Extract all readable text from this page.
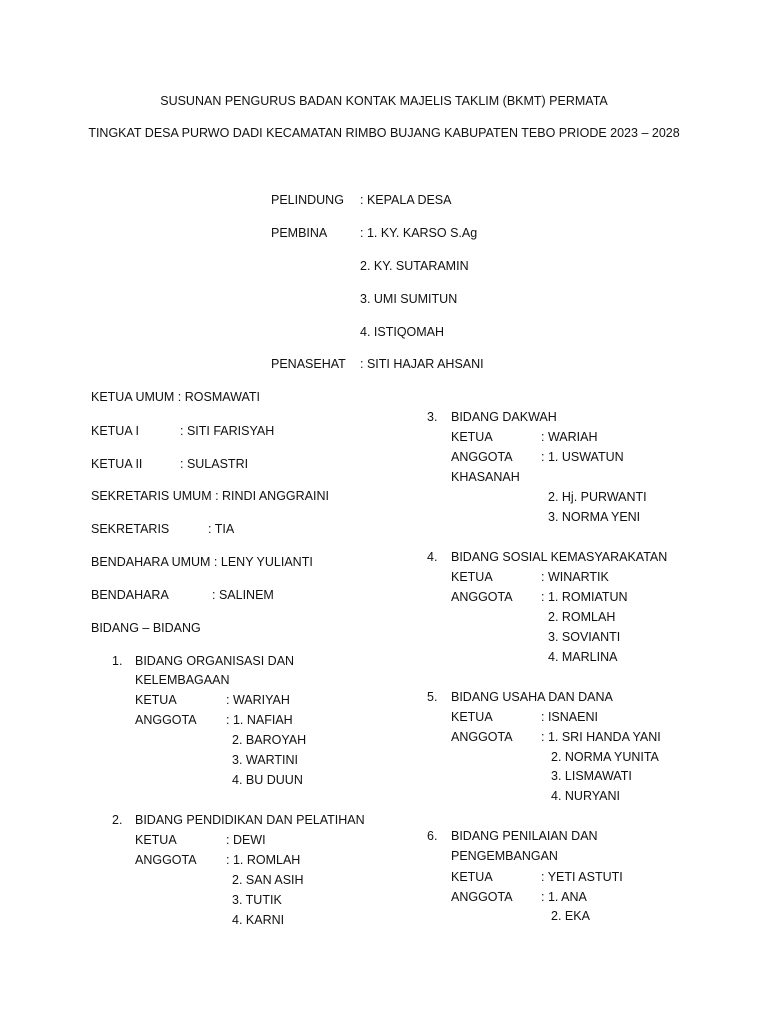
SUSUNAN PENGURUS BADAN KONTAK MAJELIS TAKLIM (BKMT) PERMATA
TINGKAT DESA PURWO DADI KECAMATAN RIMBO BUJANG KABUPATEN TEBO PRIODE 2023 – 2028
PELINDUNG : KEPALA DESA
PEMBINA	: 1. KY. KARSO S.Ag
2. KY. SUTARAMIN
3. UMI SUMITUN
4. ISTIQOMAH
PENASEHAT : SITI HAJAR AHSANI
KETUA UMUM : ROSMAWATI
KETUA I	: SITI FARISYAH
KETUA II	: SULASTRI
SEKRETARIS UMUM : RINDI ANGGRAINI
SEKRETARIS	: TIA
BENDAHARA UMUM : LENY YULIANTI
BENDAHARA	: SALINEM
BIDANG – BIDANG
1. BIDANG ORGANISASI DAN
KELEMBAGAAN
KETUA	: WARIYAH
ANGGOTA : 1. NAFIAH
2. BAROYAH
3. WARTINI
4. BU DUUN
2. BIDANG PENDIDIKAN DAN PELATIHAN
KETUA	: DEWI
ANGGOTA : 1. ROMLAH
2. SAN ASIH
3. TUTIK
4. KARNI
3. BIDANG DAKWAH
KETUA	: WARIAH
ANGGOTA : 1. USWATUN
KHASANAH
2. Hj. PURWANTI
3. NORMA YENI
4. BIDANG SOSIAL KEMASYARAKATAN
KETUA	: WINARTIK
ANGGOTA : 1. ROMIATUN
2. ROMLAH
3. SOVIANTI
4. MARLINA
5. BIDANG USAHA DAN DANA
KETUA	: ISNAENI
ANGGOTA : 1. SRI HANDA YANI
2. NORMA YUNITA
3. LISMAWATI
4. NURYANI
6. BIDANG PENILAIAN DAN
PENGEMBANGAN
KETUA	: YETI ASTUTI
ANGGOTA : 1. ANA
2. EKA
